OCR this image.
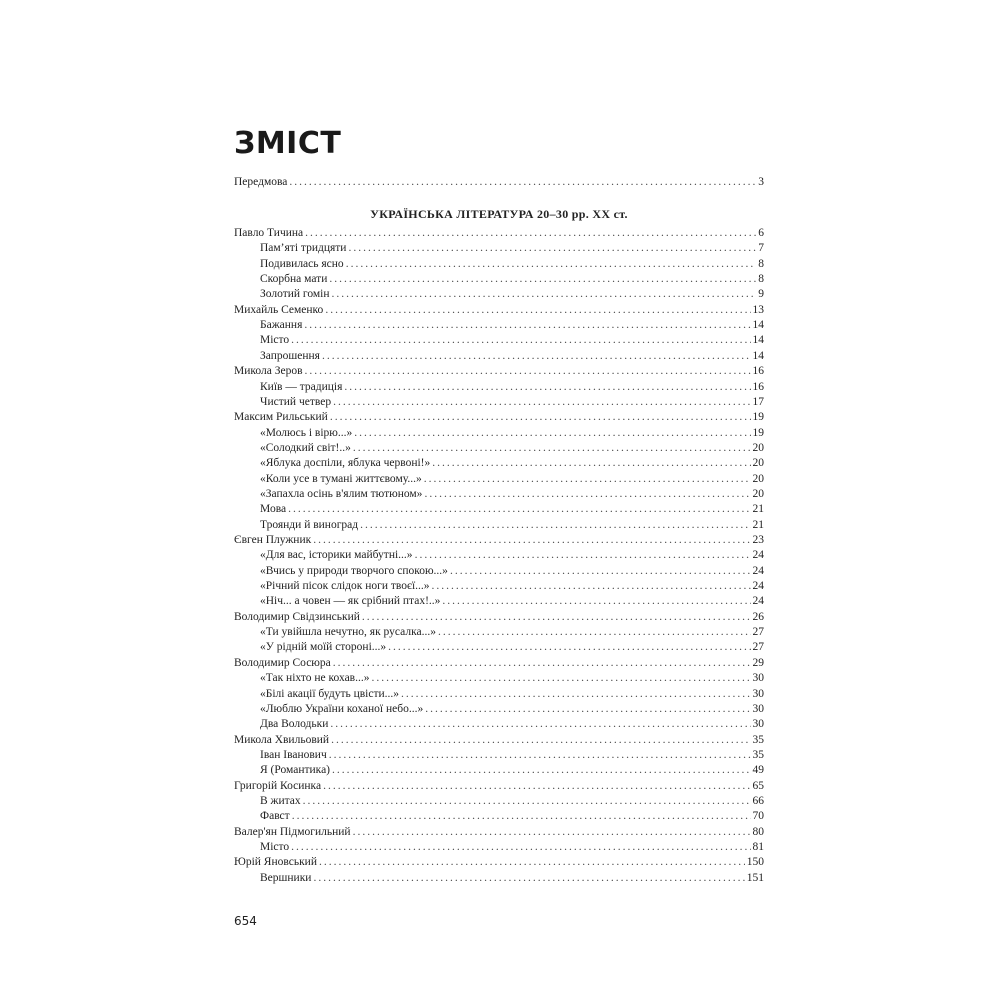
ЗМІСТ
Передмова .....	3
УКРАЇНСЬКА ЛІТЕРАТУРА 20–30 рр. ХХ ст.
Павло Тичина .....	6
Пам’яті тридцяти .....	7
Подивилась ясно .....	8
Скорбна мати .....	8
Золотий гомін .....	9
Михайль Семенко .....	13
Бажання .....	14
Місто .....	14
Запрошення .....	14
Микола Зеров .....	16
Київ — традиція .....	16
Чистий четвер .....	17
Максим Рильський .....	19
«Молюсь і вірю...» .....	19
«Солодкий світ!..» .....	20
«Яблука доспіли, яблука червоні!» .....	20
«Коли усе в тумані життєвому...» .....	20
«Запахла осінь в'ялим тютюном» .....	20
Мова .....	21
Троянди й виноград .....	21
Євген Плужник .....	23
«Для вас, історики майбутні...» .....	24
«Вчись у природи творчого спокою...» .....	24
«Річний пісок слідок ноги твоєї...» .....	24
«Ніч... а човен — як срібний птах!..» .....	24
Володимир Свідзинський .....	26
«Ти увійшла нечутно, як русалка...» .....	27
«У рідній моїй стороні...» .....	27
Володимир Сосюра .....	29
«Так ніхто не кохав...» .....	30
«Білі акації будуть цвісти...» .....	30
«Люблю України коханої небо...» .....	30
Два Володьки .....	30
Микола Хвильовий .....	35
Іван Іванович .....	35
Я (Романтика) .....	49
Григорій Косинка .....	65
В житах .....	66
Фавст .....	70
Валер'ян Підмогильний .....	80
Місто .....	81
Юрій Яновський .....	150
Вершники .....	151
654
